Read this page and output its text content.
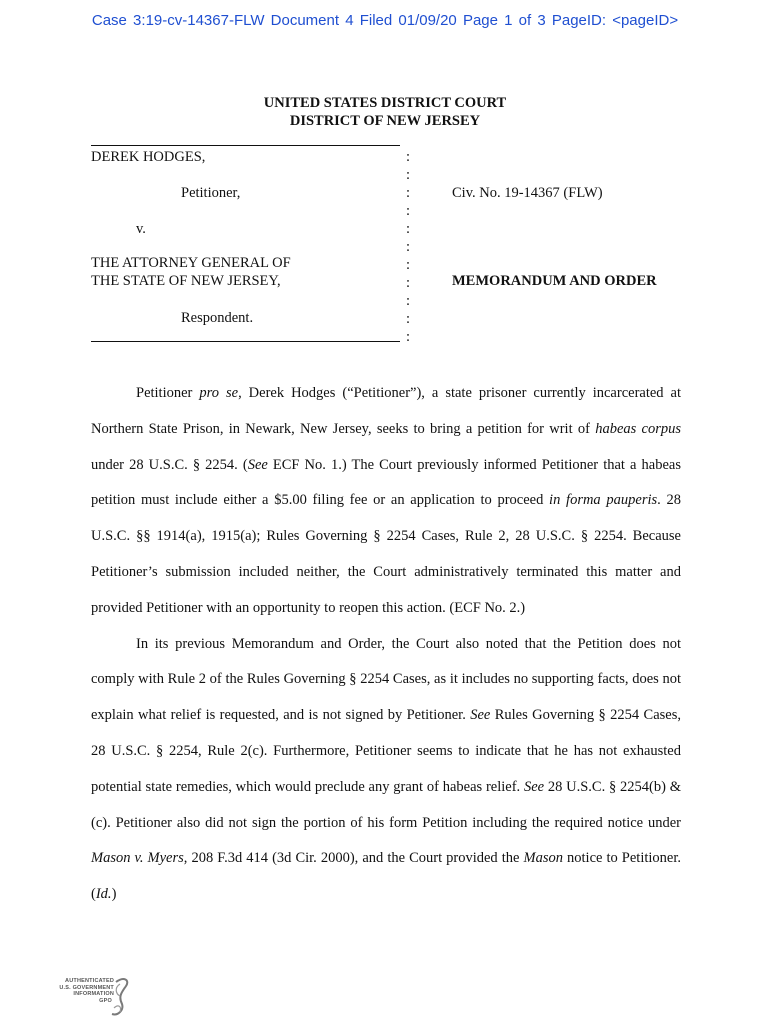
Case 3:19-cv-14367-FLW Document 4 Filed 01/09/20 Page 1 of 3 PageID: <pageID>
UNITED STATES DISTRICT COURT
DISTRICT OF NEW JERSEY
DEREK HODGES,
Petitioner,
v.
THE ATTORNEY GENERAL OF
THE STATE OF NEW JERSEY,
Respondent.
:
:
:
:
:
:
:
:
:
:
:
Civ. No. 19-14367 (FLW)
MEMORANDUM AND ORDER

Petitioner pro se, Derek Hodges (“Petitioner”), a state prisoner currently incarcerated at Northern State Prison, in Newark, New Jersey, seeks to bring a petition for writ of habeas corpus under 28 U.S.C. § 2254. (See ECF No. 1.) The Court previously informed Petitioner that a habeas petition must include either a $5.00 filing fee or an application to proceed in forma pauperis. 28 U.S.C. §§ 1914(a), 1915(a); Rules Governing § 2254 Cases, Rule 2, 28 U.S.C. § 2254. Because Petitioner’s submission included neither, the Court administratively terminated this matter and provided Petitioner with an opportunity to reopen this action. (ECF No. 2.)

In its previous Memorandum and Order, the Court also noted that the Petition does not comply with Rule 2 of the Rules Governing § 2254 Cases, as it includes no supporting facts, does not explain what relief is requested, and is not signed by Petitioner. See Rules Governing § 2254 Cases, 28 U.S.C. § 2254, Rule 2(c). Furthermore, Petitioner seems to indicate that he has not exhausted potential state remedies, which would preclude any grant of habeas relief. See 28 U.S.C. § 2254(b) & (c). Petitioner also did not sign the portion of his form Petition including the required notice under Mason v. Myers, 208 F.3d 414 (3d Cir. 2000), and the Court provided the Mason notice to Petitioner. (Id.)

AUTHENTICATED
U.S. GOVERNMENT
INFORMATION
GPO
